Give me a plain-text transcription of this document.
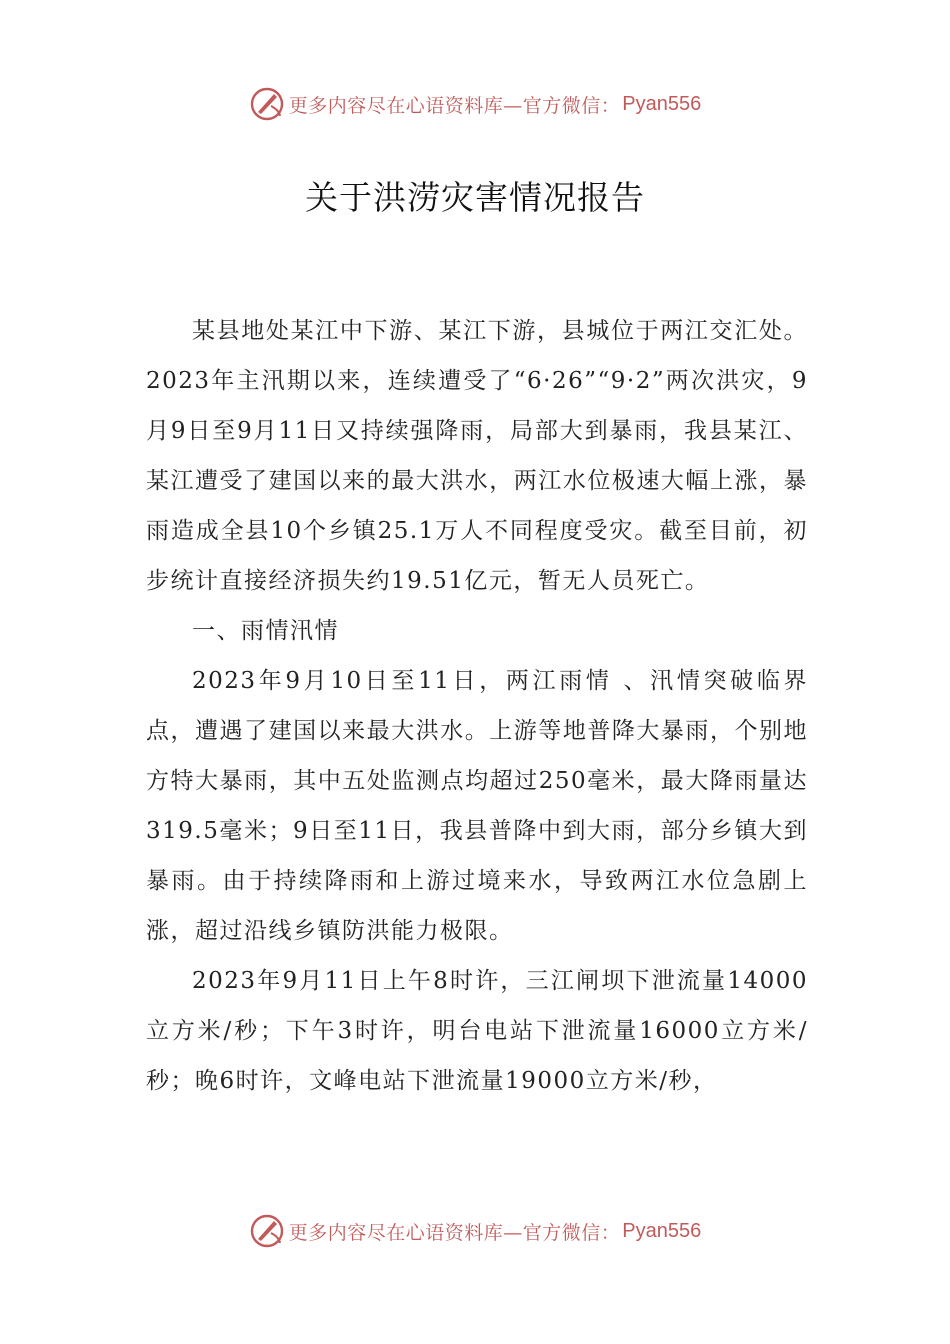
更多内容尽在心语资料库—官方微信： Pyan556
关于洪涝灾害情况报告

某县地处某江中下游、某江下游，县城位于两江交汇处。2023年主汛期以来，连续遭受了“6·26”“9·2”两次洪灾，9月9日至9月11日又持续强降雨，局部大到暴雨，我县某江、某江遭受了建国以来的最大洪水，两江水位极速大幅上涨，暴雨造成全县10个乡镇25.1万人不同程度受灾。截至目前，初步统计直接经济损失约19.51亿元，暂无人员死亡。

一、雨情汛情

2023年9月10日至11日，两江雨情 、汛情突破临界点，遭遇了建国以来最大洪水。上游等地普降大暴雨，个别地方特大暴雨，其中五处监测点均超过250毫米，最大降雨量达319.5毫米；9日至11日，我县普降中到大雨，部分乡镇大到暴雨。由于持续降雨和上游过境来水，导致两江水位急剧上涨，超过沿线乡镇防洪能力极限。

2023年9月11日上午8时许，三江闸坝下泄流量14000立方米/秒；下午3时许，明台电站下泄流量16000立方米/秒；晚6时许，文峰电站下泄流量19000立方米/秒，

更多内容尽在心语资料库—官方微信： Pyan556
